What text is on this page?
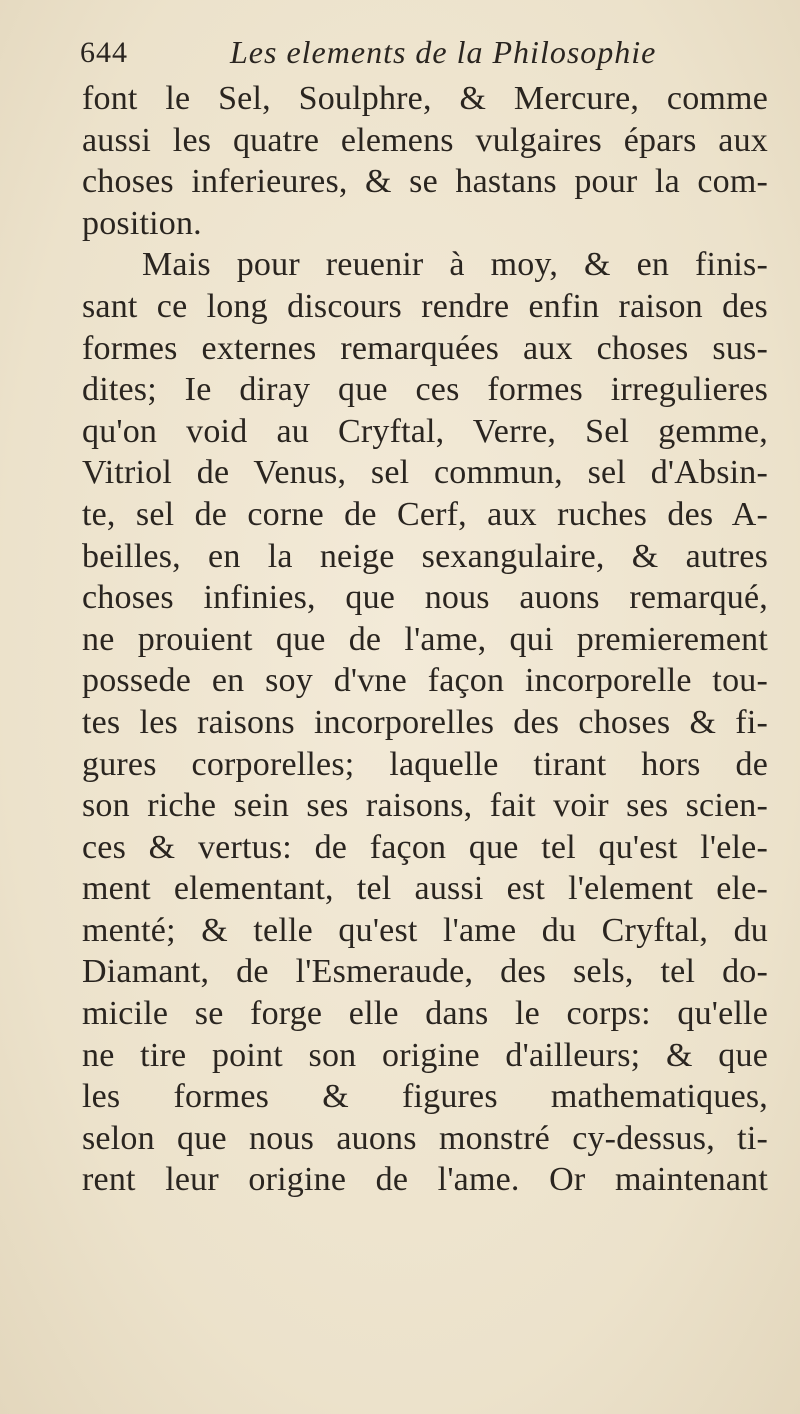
644	Les elements de la Philosophie
font le Sel, Soulphre, & Mercure, comme
aussi les quatre elemens vulgaires épars aux
choses inferieures, & se hastans pour la com-
position.
Mais pour reuenir à moy, & en finis-
sant ce long discours rendre enfin raison des
formes externes remarquées aux choses sus-
dites; Ie diray que ces formes irregulieres
qu'on void au Cryftal, Verre, Sel gemme,
Vitriol de Venus, sel commun, sel d'Absin-
te, sel de corne de Cerf, aux ruches des A-
beilles, en la neige sexangulaire, & autres
choses infinies, que nous auons remarqué,
ne prouient que de l'ame, qui premierement
possede en soy d'vne façon incorporelle tou-
tes les raisons incorporelles des choses & fi-
gures corporelles; laquelle tirant hors de
son riche sein ses raisons, fait voir ses scien-
ces & vertus: de façon que tel qu'est l'ele-
ment elementant, tel aussi est l'element ele-
menté; & telle qu'est l'ame du Cryftal, du
Diamant, de l'Esmeraude, des sels, tel do-
micile se forge elle dans le corps: qu'elle
ne tire point son origine d'ailleurs; & que
les formes & figures mathematiques,
selon que nous auons monstré cy-dessus, ti-
rent leur origine de l'ame. Or maintenant
